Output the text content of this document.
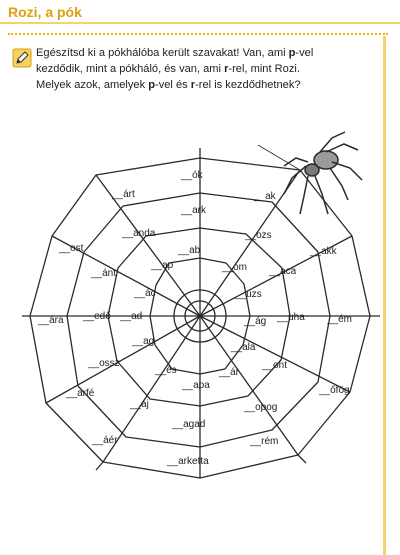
Rozi, a pók
Egészítsd ki a pókhálóba került szavakat! Van, ami p-vel
kezdődik, mint a pókháló, és van, ami r-rel, mint Rozi.
Melyek azok, amelyek p-vel és r-rel is kezdődhetnek?
__ók
__árt	__ak
__ark
__anda	__ozs
__ost	__akk
__ab
__ap	__om
__ánt	__aca
__ác	__úzs
__ára __edő __ad	__ág __uha __ém
__ag
__ala
__ossz
__és	__ár
__ont
__apa
__arfé	__őfög
__aj	__opog
__agad
__áér	__rém
__arketta
